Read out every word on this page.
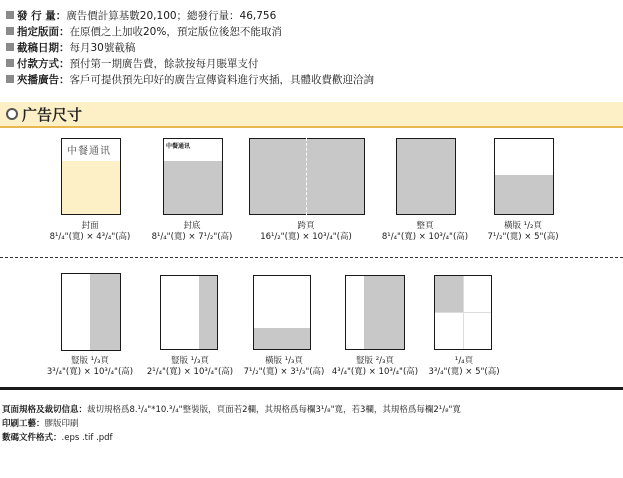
發 行 量：廣告價計算基數20,100；總發行量：46,756
指定版面：在原價之上加收20%，預定版位後恕不能取消
截稿日期：每月30號截稿
付款方式：預付第一期廣告費，餘款按每月賬單支付
夾播廣告：客戶可提供預先印好的廣告宣傳資料進行夾插，具體收費歡迎洽詢
广告尺寸
中餐通讯	中餐通讯
封面
8¹/₄"(寬) × 4³/₄"(高)
封底
8¹/₄"(寬) × 7¹/₂"(高)
跨頁
16¹/₂"(寬) × 10³/₄"(高)
整頁
8¹/₄"(寬) × 10³/₄"(高)
橫版 ¹/₂頁
7¹/₂"(寬) × 5"(高)
豎版 ¹/₃頁
3³/₄"(寬) × 10³/₄"(高)
豎版 ¹/₃頁
2¹/₄"(寬) × 10³/₄"(高)
橫版 ¹/₃頁
7¹/₂"(寬) × 3¹/₃"(高)
豎版 ²/₃頁
4³/₄"(寬) × 10³/₄"(高)
¹/₄頁
3³/₄"(寬) × 5"(高)
頁面規格及裁切信息：裁切規格爲8.¹/₄"*10.³/₄"整裝版，頁面若2欄，其規格爲每欄3¹/₈"寬，若3欄，其規格爲每欄2¹/₈"寬
印刷工藝：膠版印刷
數碼文件格式：.eps .tif .pdf
